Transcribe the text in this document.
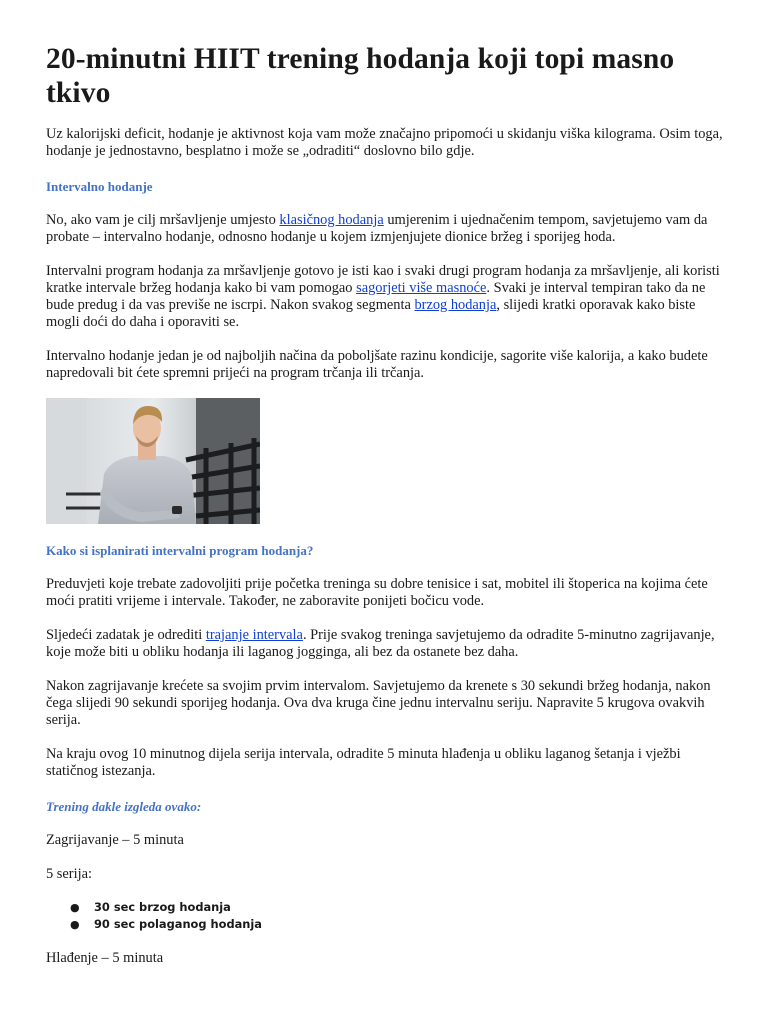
20-minutni HIIT trening hodanja koji topi masno tkivo

Uz kalorijski deficit, hodanje je aktivnost koja vam može značajno pripomoći u skidanju viška kilograma. Osim toga, hodanje je jednostavno, besplatno i može se „odraditi“ doslovno bilo gdje.

Intervalno hodanje

No, ako vam je cilj mršavljenje umjesto klasičnog hodanja umjerenim i ujednačenim tempom, savjetujemo vam da probate – intervalno hodanje, odnosno hodanje u kojem izmjenjujete dionice bržeg i sporijeg hoda.

Intervalni program hodanja za mršavljenje gotovo je isti kao i svaki drugi program hodanja za mršavljenje, ali koristi kratke intervale bržeg hodanja kako bi vam pomogao sagorjeti više masnoće. Svaki je interval tempiran tako da ne bude predug i da vas previše ne iscrpi. Nakon svakog segmenta brzog hodanja, slijedi kratki oporavak kako biste mogli doći do daha i oporaviti se.

Intervalno hodanje jedan je od najboljih načina da poboljšate razinu kondicije, sagorite više kalorija, a kako budete napredovali bit ćete spremni prijeći na program trčanja ili trčanja.

Kako si isplanirati intervalni program hodanja?

Preduvjeti koje trebate zadovoljiti prije početka treninga su dobre tenisice i sat, mobitel ili štoperica na kojima ćete moći pratiti vrijeme i intervale. Također, ne zaboravite ponijeti bočicu vode.

Sljedeći zadatak je odrediti trajanje intervala. Prije svakog treninga savjetujemo da odradite 5-minutno zagrijavanje, koje može biti u obliku hodanja ili laganog jogginga, ali bez da ostanete bez daha.

Nakon zagrijavanje krećete sa svojim prvim intervalom. Savjetujemo da krenete s 30 sekundi bržeg hodanja, nakon čega slijedi 90 sekundi sporijeg hodanja. Ova dva kruga čine jednu intervalnu seriju. Napravite 5 krugova ovakvih serija.

Na kraju ovog 10 minutnog dijela serija intervala, odradite 5 minuta hlađenja u obliku laganog šetanja i vježbi statičnog istezanja.

Trening dakle izgleda ovako:

Zagrijavanje – 5 minuta

5 serija:

● 30 sec brzog hodanja
● 90 sec polaganog hodanja

Hlađenje – 5 minuta
